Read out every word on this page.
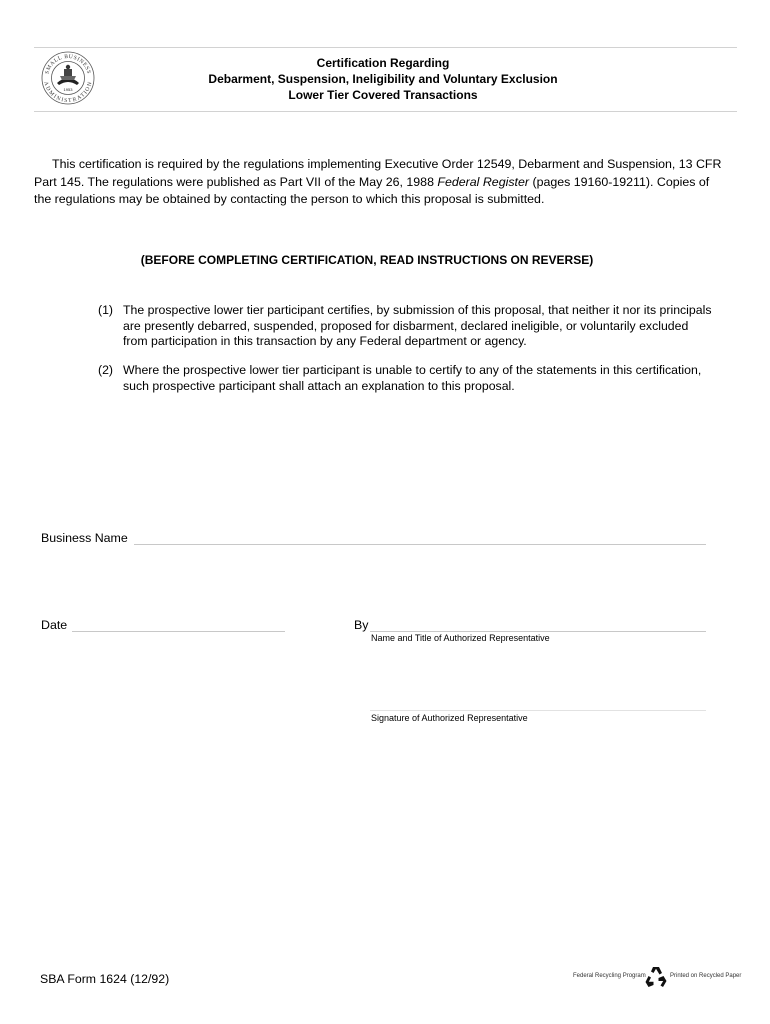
SMALL BUSINESS
ADMINISTRATION
1953
Certification Regarding
Debarment, Suspension, Ineligibility and Voluntary Exclusion
Lower Tier Covered Transactions
This certification is required by the regulations implementing Executive Order 12549, Debarment and Suspension, 13 CFR
Part 145. The regulations were published as Part VII of the May 26, 1988 Federal Register (pages 19160-19211). Copies of
the regulations may be obtained by contacting the person to which this proposal is submitted.
(BEFORE COMPLETING CERTIFICATION, READ INSTRUCTIONS ON REVERSE)
(1) The prospective lower tier participant certifies, by submission of this proposal, that neither it nor its principals
are presently debarred, suspended, proposed for disbarment, declared ineligible, or voluntarily excluded
from participation in this transaction by any Federal department or agency.
(2) Where the prospective lower tier participant is unable to certify to any of the statements in this certification,
such prospective participant shall attach an explanation to this proposal.
Business Name
Date	By
Name and Title of Authorized Representative
Signature of Authorized Representative
SBA Form 1624 (12/92)	Federal Recycling Program	Printed on Recycled Paper
